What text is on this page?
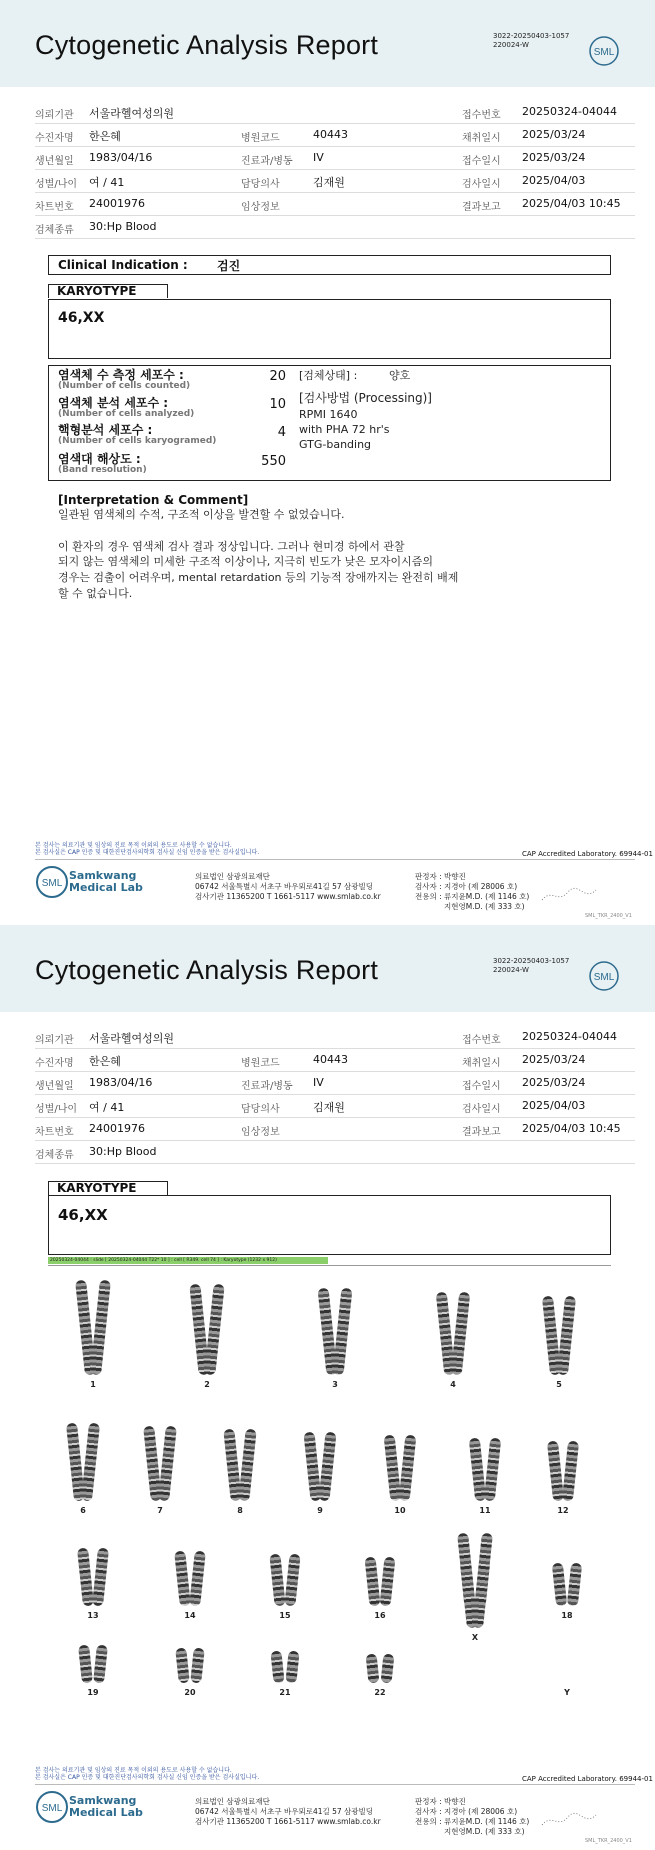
Cytogenetic Analysis Report	3022-20250403-1057
220024-W
SML
의뢰기관 서울라헬여성의원	접수번호 20250324-04044
수진자명 한은혜	병원코드	40443	채취일시 2025/03/24
생년월일 1983/04/16	진료과/병동 IV	접수일시 2025/03/24
성별/나이 여 / 41	담당의사	김재원	검사일시 2025/04/03
차트번호 24001976	임상정보	결과보고 2025/04/03 10:45
검체종류 30:Hp Blood
Clinical Indication : 검진
KARYOTYPE
46,XX
염색체 수 측정 세포수 :
(Number of cells counted)
20
염색체 분석 세포수 :
(Number of cells analyzed)
10
핵형분석 세포수 :
(Number of cells karyogramed)
4
염색대 해상도 :
(Band resolution)
550
[검체상태] :	양호
[검사방법 (Processing)]
RPMI 1640
with PHA 72 hr's
GTG-banding
[Interpretation & Comment]
일관된 염색체의 수적, 구조적 이상을 발견할 수 없었습니다.
이 환자의 경우 염색체 검사 결과 정상입니다. 그러나 현미경 하에서 관찰
되지 않는 염색체의 미세한 구조적 이상이나, 지극히 빈도가 낮은 모자이시즘의
경우는 검출이 어려우며, mental retardation 등의 기능적 장애까지는 완전히 배제
할 수 없습니다.
본 검사는 의료기관 및 임상의 진료 목적 이외의 용도로 사용할 수 없습니다.
본 검사실은 CAP 인증 및 대한진단검사의학회 검사실 신임 인증을 받은 검사실입니다.	CAP Accredited Laboratory. 69944-01
SML
Samkwang
Medical Lab
의료법인 삼광의료재단
06742 서울특별시 서초구 바우뫼로41길 57 삼광빌딩
검사기관 11365200 T 1661-5117 www.smlab.co.kr
판정자 : 박향진
검사자 : 지경아 (제 28006 호)
전용의 : 류지윤M.D. (제 1146 호)
지현영M.D. (제 333 호)
SML_TKR_2400_V1
Cytogenetic Analysis Report	3022-20250403-1057
220024-W
SML
의뢰기관 서울라헬여성의원	접수번호 20250324-04044
수진자명 한은혜	병원코드	40443	채취일시 2025/03/24
생년월일 1983/04/16	진료과/병동 IV	접수일시 2025/03/24
성별/나이 여 / 41	담당의사	김재원	검사일시 2025/04/03
차트번호 24001976	임상정보	결과보고 2025/04/03 10:45
검체종류 30:Hp Blood
KARYOTYPE
46,XX
본 검사는 의료기관 및 임상의 진료 목적 이외의 용도로 사용할 수 없습니다.
본 검사실은 CAP 인증 및 대한진단검사의학회 검사실 신임 인증을 받은 검사실입니다.	CAP Accredited Laboratory. 69944-01
SML
Samkwang
Medical Lab
의료법인 삼광의료재단
06742 서울특별시 서초구 바우뫼로41길 57 삼광빌딩
검사기관 11365200 T 1661-5117 www.smlab.co.kr
판정자 : 박향진
검사자 : 지경아 (제 28006 호)
전용의 : 류지윤M.D. (제 1146 호)
지현영M.D. (제 333 호)
SML_TKR_2400_V1
20250324-04044 : slide [ 20250324-04044 T22* 10 ] : cell [ R349. cell 74 ] : Karyotype (1232 x 912)
1	2	3	4	5
6	7	8	9	10	11	12
13	14	15	16	18
19	20	21	22
X
Y
